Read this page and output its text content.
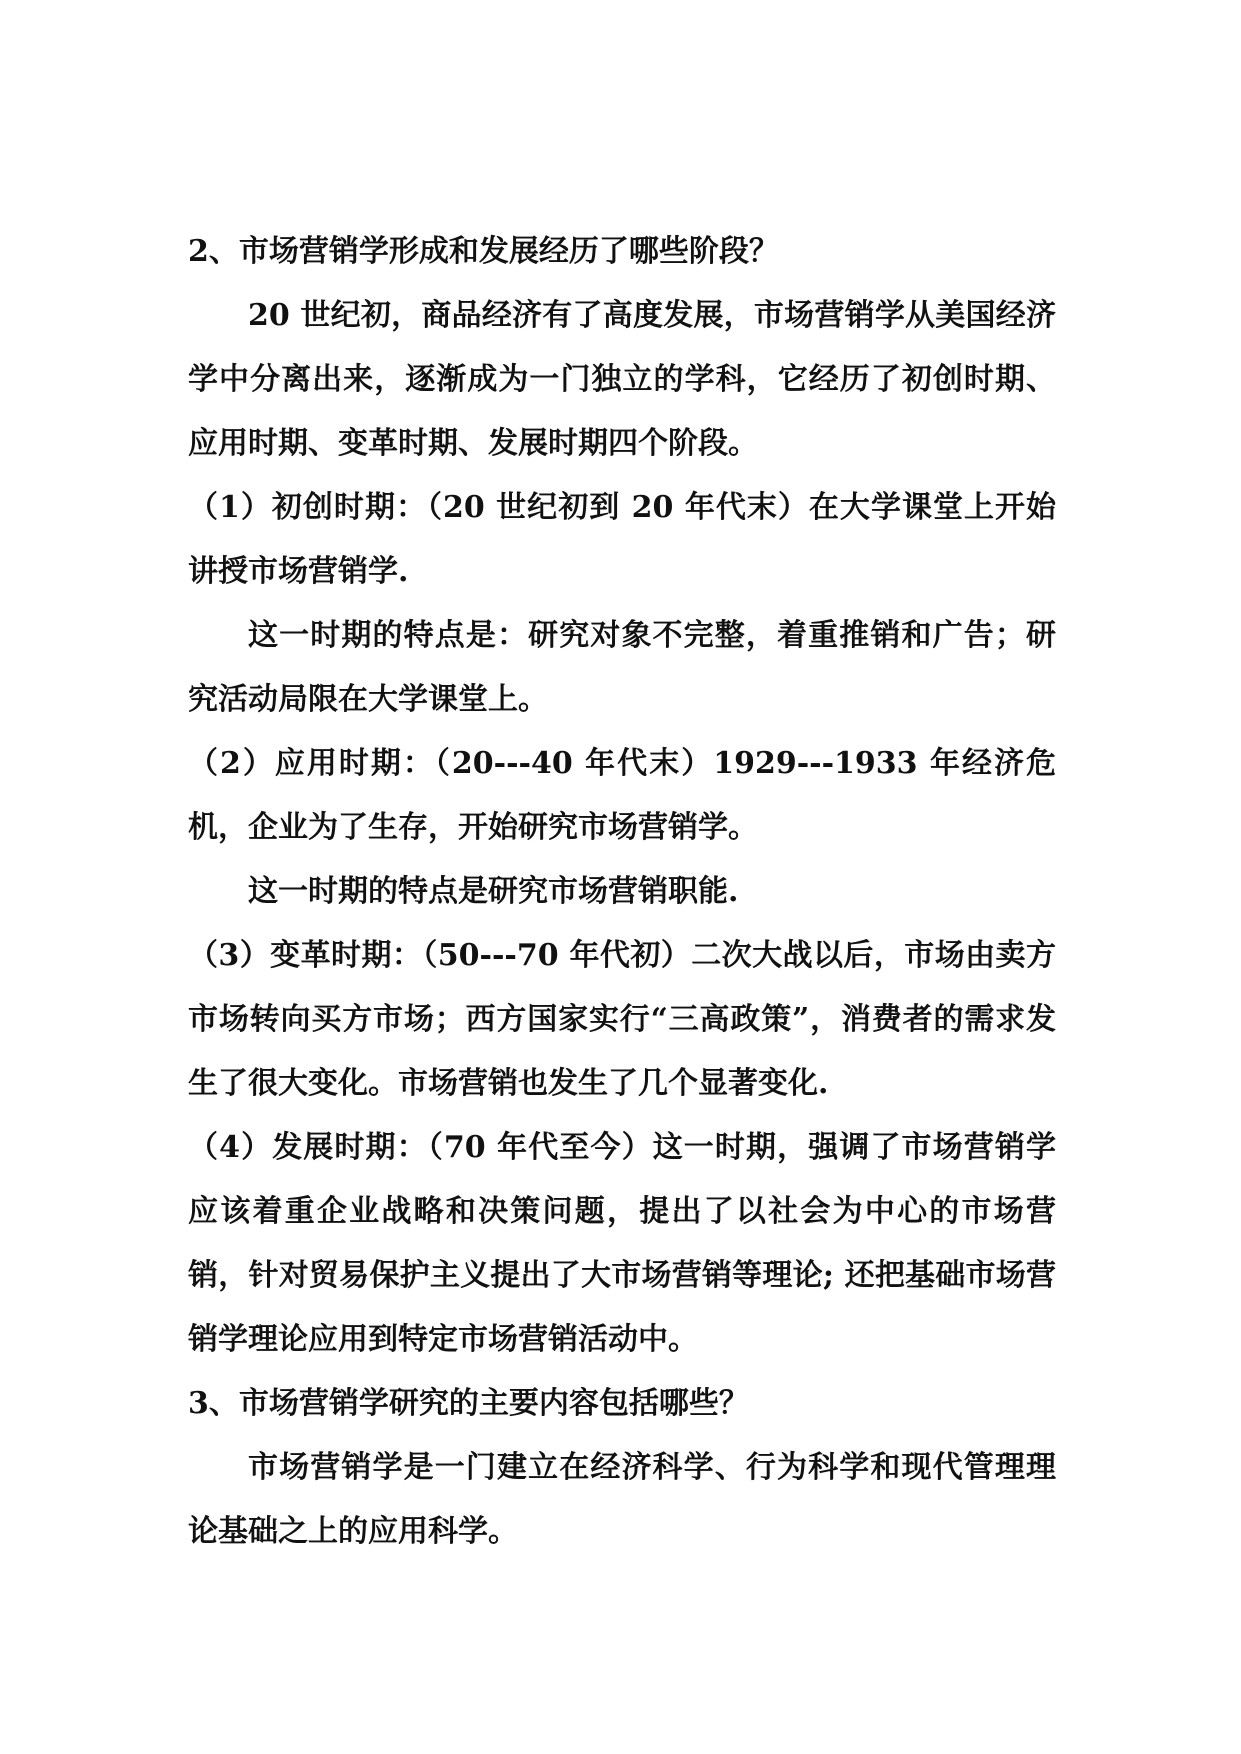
2、市场营销学形成和发展经历了哪些阶段？

20 世纪初，商品经济有了高度发展，市场营销学从美国经济学中分离出来，逐渐成为一门独立的学科，它经历了初创时期、应用时期、变革时期、发展时期四个阶段。

（1）初创时期：（20 世纪初到 20 年代末）在大学课堂上开始讲授市场营销学.

这一时期的特点是：研究对象不完整，着重推销和广告；研究活动局限在大学课堂上。

（2）应用时期：（20---40 年代末）1929---1933 年经济危机，企业为了生存，开始研究市场营销学。

这一时期的特点是研究市场营销职能.

（3）变革时期：（50---70 年代初）二次大战以后，市场由卖方市场转向买方市场；西方国家实行“三高政策”，消费者的需求发生了很大变化。市场营销也发生了几个显著变化.

（4）发展时期：（70 年代至今）这一时期，强调了市场营销学应该着重企业战略和决策问题，提出了以社会为中心的市场营销，针对贸易保护主义提出了大市场营销等理论; 还把基础市场营销学理论应用到特定市场营销活动中。

3、市场营销学研究的主要内容包括哪些？

市场营销学是一门建立在经济科学、行为科学和现代管理理论基础之上的应用科学。
